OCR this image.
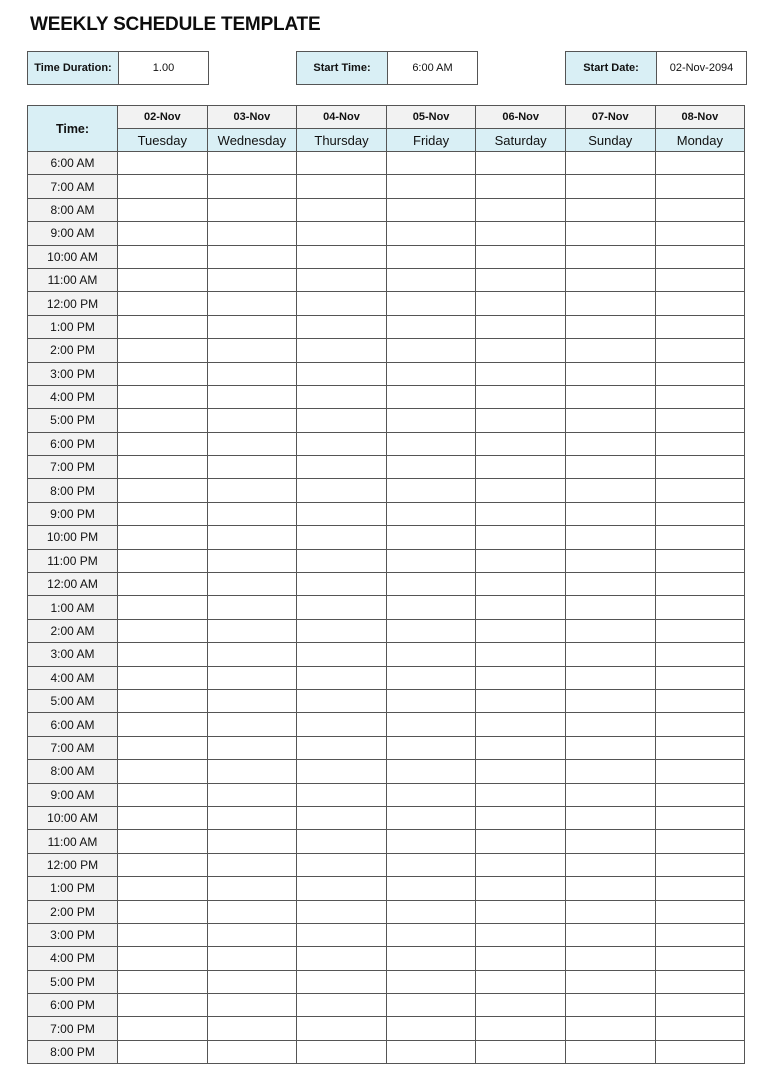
WEEKLY SCHEDULE TEMPLATE
Time Duration:	1.00	Start Time:	6:00 AM	Start Date:	02-Nov-2094
Time:	02-Nov	03-Nov	04-Nov	05-Nov	06-Nov	07-Nov	08-Nov
	Tuesday	Wednesday	Thursday	Friday	Saturday	Sunday	Monday
6:00 AM							
7:00 AM							
8:00 AM							
9:00 AM							
10:00 AM							
11:00 AM							
12:00 PM							
1:00 PM							
2:00 PM							
3:00 PM							
4:00 PM							
5:00 PM							
6:00 PM							
7:00 PM							
8:00 PM							
9:00 PM							
10:00 PM							
11:00 PM							
12:00 AM							
1:00 AM							
2:00 AM							
3:00 AM							
4:00 AM							
5:00 AM							
6:00 AM							
7:00 AM							
8:00 AM							
9:00 AM							
10:00 AM							
11:00 AM							
12:00 PM							
1:00 PM							
2:00 PM							
3:00 PM							
4:00 PM							
5:00 PM							
6:00 PM							
7:00 PM							
8:00 PM							
